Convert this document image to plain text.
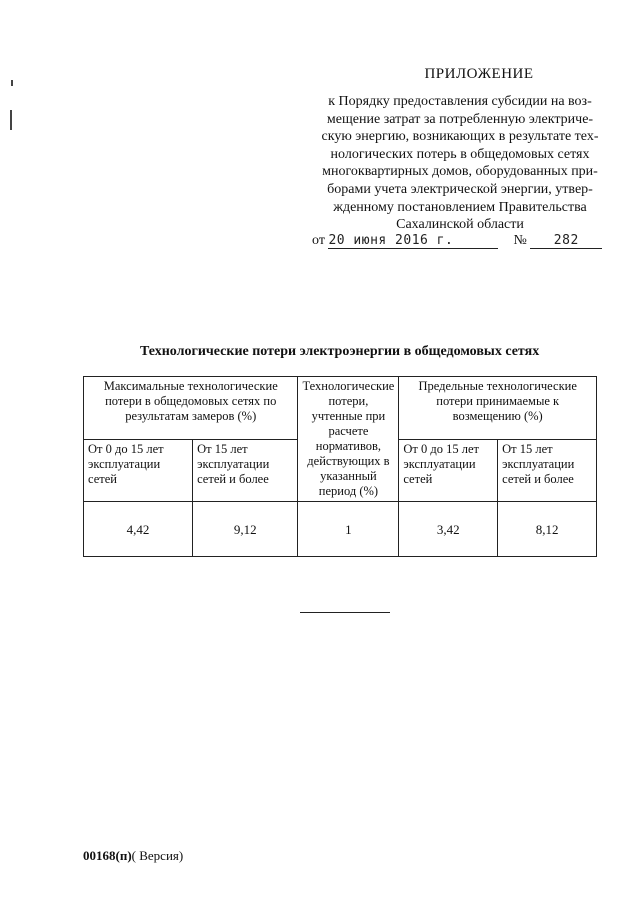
ПРИЛОЖЕНИЕ
к Порядку предоставления субсидии на воз-
мещение затрат за потребленную электриче-
скую энергию, возникающих в результате тех-
нологических потерь в общедомовых сетях
многоквартирных домов, оборудованных при-
борами учета электрической энергии, утвер-
жденному постановлением Правительства
Сахалинской области
от 20 июня 2016 г.	№ 282
Технологические потери электроэнергии в общедомовых сетях
Максимальные технологические потери в общедомовых сетях по результатам замеров (%)		Технологические потери, учтенные при расчете нормативов, действующих в указанный период (%)	Предельные технологические потери принимаемые к возмещению (%)	
От 0 до 15 лет эксплуатации сетей	От 15 лет эксплуатации сетей и более		От 0 до 15 лет эксплуатации сетей	От 15 лет эксплуатации сетей и более
4,42	9,12	1	3,42	8,12
00168(п)( Версия)
